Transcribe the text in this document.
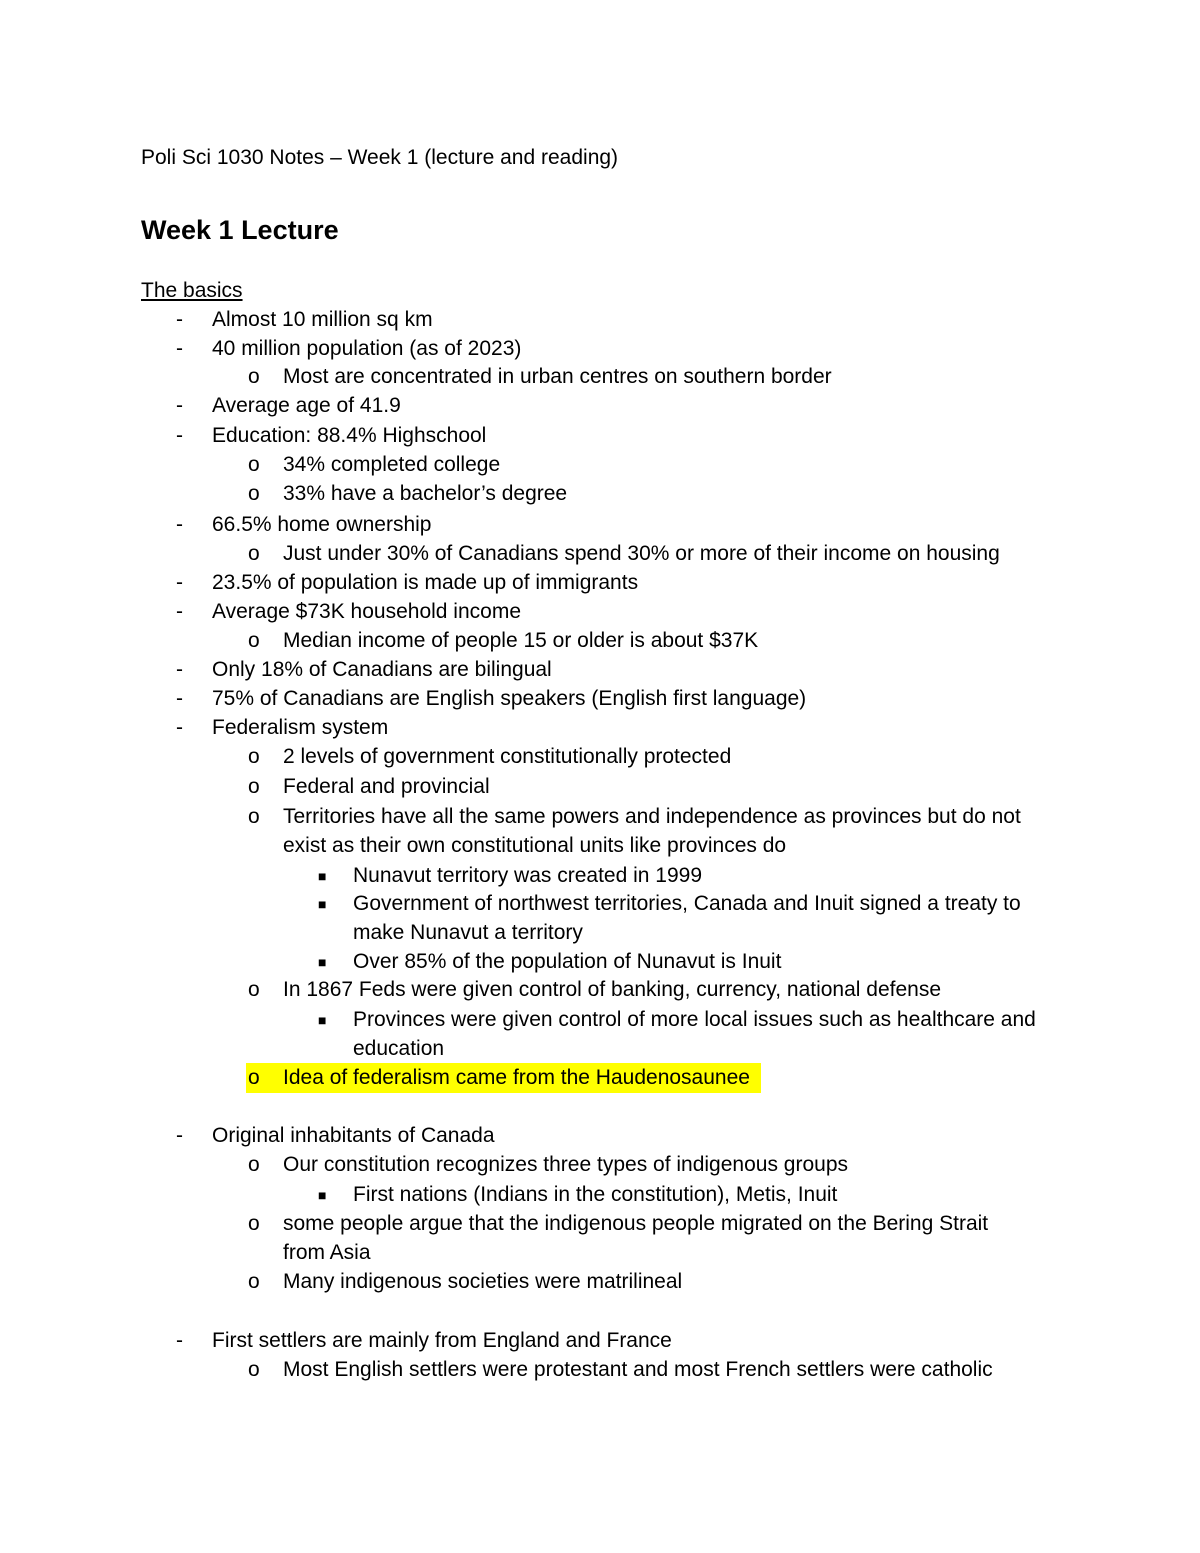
Poli Sci 1030 Notes – Week 1 (lecture and reading)
Week 1 Lecture
The basics
-
-
o
-
-
o
o
-
o
-
-
o
-
-
-
o
o
o
■
■
■
o
■
o
-
o
■
o
o
-
o
Almost 10 million sq km
40 million population (as of 2023)
Most are concentrated in urban centres on southern border
Average age of 41.9
Education: 88.4% Highschool
34% completed college
33% have a bachelor’s degree
66.5% home ownership
Just under 30% of Canadians spend 30% or more of their income on housing
23.5% of population is made up of immigrants
Average $73K household income
Median income of people 15 or older is about $37K
Only 18% of Canadians are bilingual
75% of Canadians are English speakers (English first language)
Federalism system
2 levels of government constitutionally protected
Federal and provincial
Territories have all the same powers and independence as provinces but do not
exist as their own constitutional units like provinces do
Nunavut territory was created in 1999
Government of northwest territories, Canada and Inuit signed a treaty to
make Nunavut a territory
Over 85% of the population of Nunavut is Inuit
In 1867 Feds were given control of banking, currency, national defense
Provinces were given control of more local issues such as healthcare and
education
Idea of federalism came from the Haudenosaunee
Original inhabitants of Canada
Our constitution recognizes three types of indigenous groups
First nations (Indians in the constitution), Metis, Inuit
some people argue that the indigenous people migrated on the Bering Strait
from Asia
Many indigenous societies were matrilineal
First settlers are mainly from England and France
Most English settlers were protestant and most French settlers were catholic
